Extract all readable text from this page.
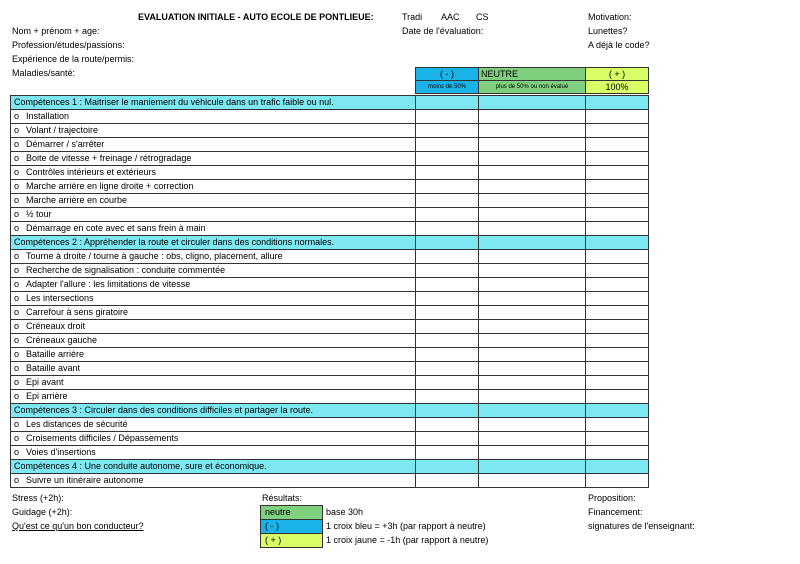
EVALUATION INITIALE - AUTO ECOLE DE PONTLIEUE:	Tradi AAC CS	Motivation:
Nom + prénom + age:	Date de l'évaluation:	Lunettes?
Profession/études/passions:	A déjà le code?
Expérience de la route/permis:
Maladies/santé:	( - )	NEUTRE	( + )
moins de 50%	plus de 50% ou non évalué	100%
Compétences 1 : Maitriser le maniement du véhicule dans un trafic faible ou nul.
o Installation
o Volant / trajectoire
o Démarrer / s'arrêter
o Boite de vitesse + freinage / rétrogradage
o Contrôles intérieurs et extérieurs
o Marche arrière en ligne droite + correction
o Marche arrière en courbe
o ½ tour
o Démarrage en cote avec et sans frein à main
Compétences 2 : Appréhender la route et circuler dans des conditions normales.
o Tourne à droite / tourne à gauche : obs, cligno, placement, allure
o Recherche de signalisation : conduite commentée
o Adapter l'allure : les limitations de vitesse
o Les intersections
o Carrefour à sens giratoire
o Créneaux droit
o Créneaux gauche
o Bataille arrière
o Bataille avant
o Epi avant
o Epi arrière
Compétences 3 : Circuler dans des conditions difficiles et partager la route.
o Les distances de sécurité
o Croisements difficiles / Dépassements
o Voies d'insertions
Compétences 4 : Une conduite autonome, sure et économique.
o Suivre un itinéraire autonome
Stress (+2h):
Guidage (+2h):
Qu'est ce qu'un bon conducteur?
Résultats:
neutre	base 30h
( - )	1 croix bleu = +3h (par rapport à neutre)
( + )	1 croix jaune = -1h (par rapport à neutre)
Proposition:
Financement:
signatures de l'enseignant:
